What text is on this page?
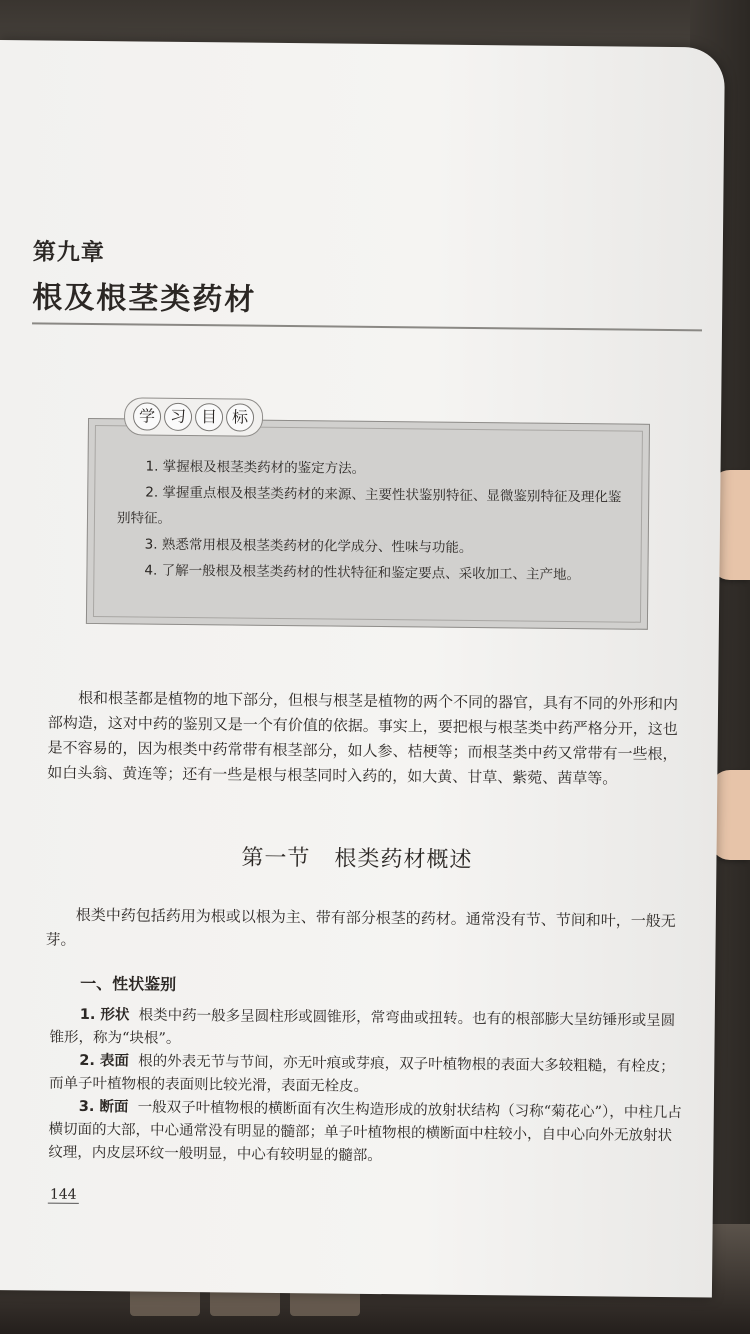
第九章
根及根茎类药材
学 习 目 标
1. 掌握根及根茎类药材的鉴定方法。
2. 掌握重点根及根茎类药材的来源、主要性状鉴别特征、显微鉴别特征及理化鉴别特征。
3. 熟悉常用根及根茎类药材的化学成分、性味与功能。
4. 了解一般根及根茎类药材的性状特征和鉴定要点、采收加工、主产地。
根和根茎都是植物的地下部分，但根与根茎是植物的两个不同的器官，具有不同的外形和内部构造，这对中药的鉴别又是一个有价值的依据。事实上，要把根与根茎类中药严格分开，这也是不容易的，因为根类中药常带有根茎部分，如人参、桔梗等；而根茎类中药又常带有一些根，如白头翁、黄连等；还有一些是根与根茎同时入药的，如大黄、甘草、紫菀、茜草等。
第一节 根类药材概述
根类中药包括药用为根或以根为主、带有部分根茎的药材。通常没有节、节间和叶，一般无芽。
一、性状鉴别
1. 形状 根类中药一般多呈圆柱形或圆锥形，常弯曲或扭转。也有的根部膨大呈纺锤形或呈圆锥形，称为“块根”。
2. 表面 根的外表无节与节间，亦无叶痕或芽痕，双子叶植物根的表面大多较粗糙，有栓皮；而单子叶植物根的表面则比较光滑，表面无栓皮。
3. 断面 一般双子叶植物根的横断面有次生构造形成的放射状结构（习称“菊花心”），中柱几占横切面的大部，中心通常没有明显的髓部；单子叶植物根的横断面中柱较小，自中心向外无放射状纹理，内皮层环纹一般明显，中心有较明显的髓部。
144
